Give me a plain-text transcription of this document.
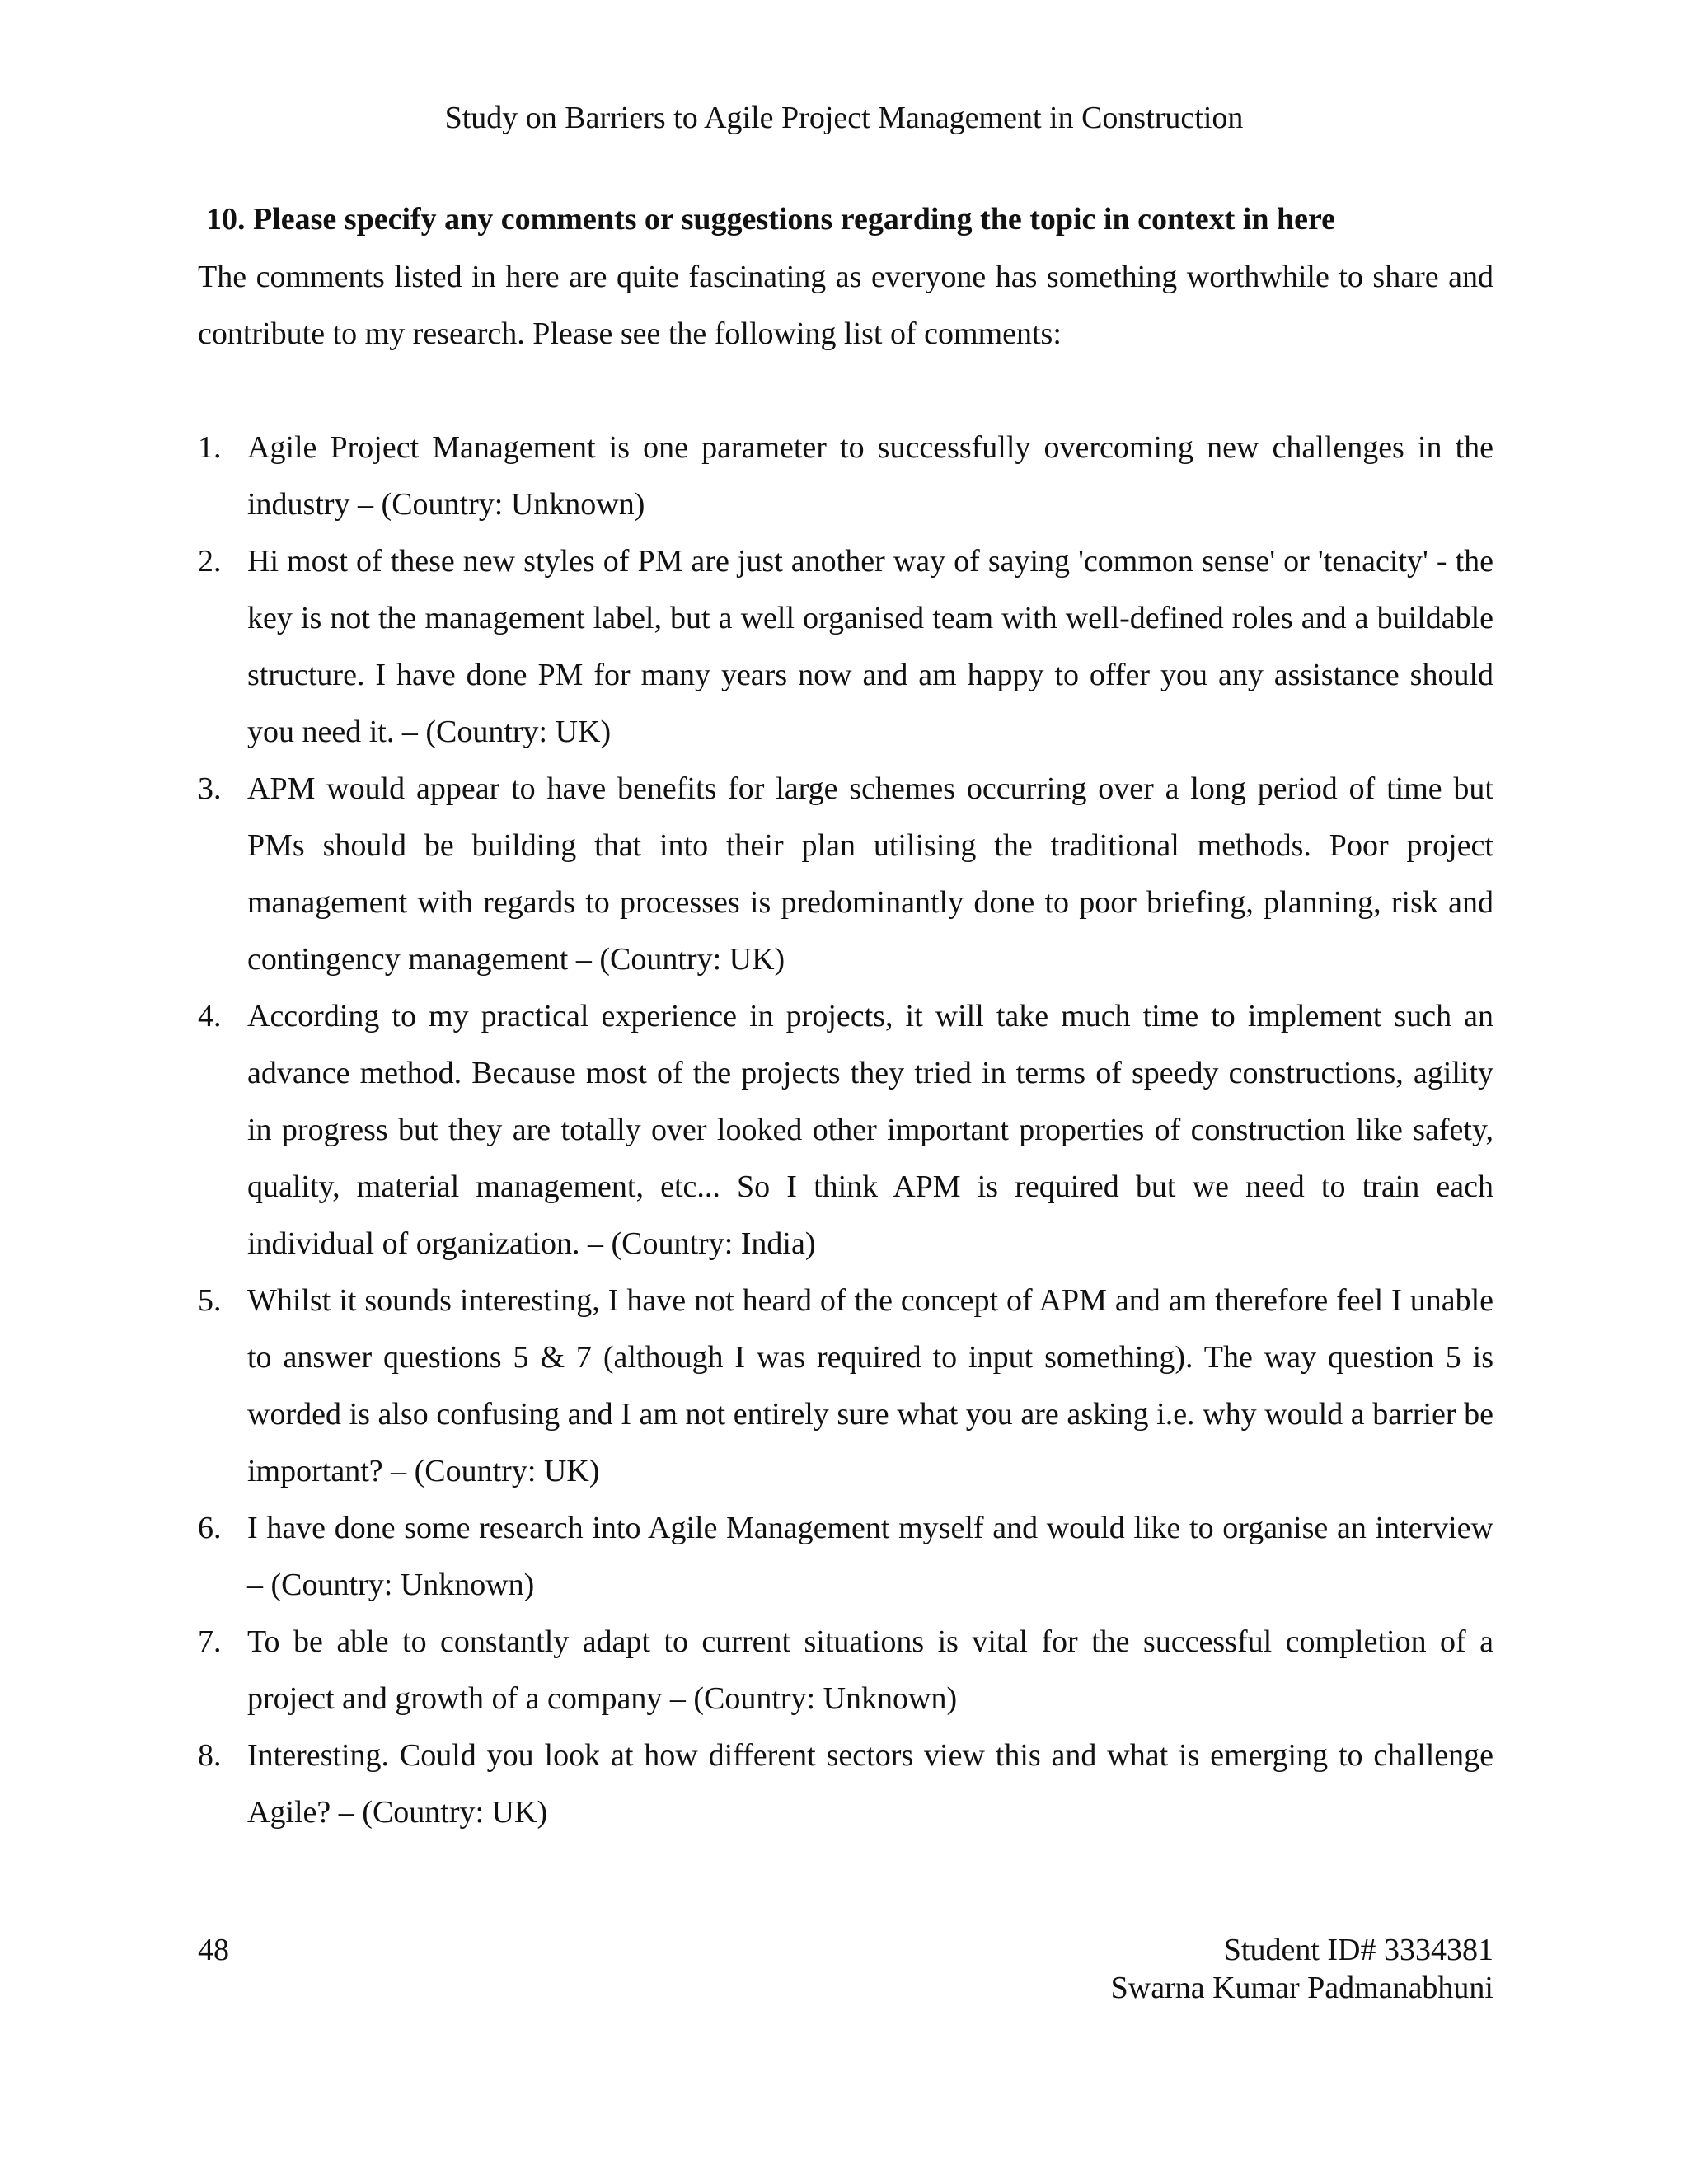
Study on Barriers to Agile Project Management in Construction

10. Please specify any comments or suggestions regarding the topic in context in here

The comments listed in here are quite fascinating as everyone has something worthwhile to share and contribute to my research. Please see the following list of comments:

1. Agile Project Management is one parameter to successfully overcoming new challenges in the industry – (Country: Unknown)
2. Hi most of these new styles of PM are just another way of saying 'common sense' or 'tenacity' - the key is not the management label, but a well organised team with well-defined roles and a buildable structure. I have done PM for many years now and am happy to offer you any assistance should you need it. – (Country: UK)
3. APM would appear to have benefits for large schemes occurring over a long period of time but PMs should be building that into their plan utilising the traditional methods. Poor project management with regards to processes is predominantly done to poor briefing, planning, risk and contingency management – (Country: UK)
4. According to my practical experience in projects, it will take much time to implement such an advance method. Because most of the projects they tried in terms of speedy constructions, agility in progress but they are totally over looked other important properties of construction like safety, quality, material management, etc... So I think APM is required but we need to train each individual of organization. – (Country: India)
5. Whilst it sounds interesting, I have not heard of the concept of APM and am therefore feel I unable to answer questions 5 & 7 (although I was required to input something). The way question 5 is worded is also confusing and I am not entirely sure what you are asking i.e. why would a barrier be important? – (Country: UK)
6. I have done some research into Agile Management myself and would like to organise an interview – (Country: Unknown)
7. To be able to constantly adapt to current situations is vital for the successful completion of a project and growth of a company – (Country: Unknown)
8. Interesting. Could you look at how different sectors view this and what is emerging to challenge Agile? – (Country: UK)
48	Student ID# 3334381
Swarna Kumar Padmanabhuni
